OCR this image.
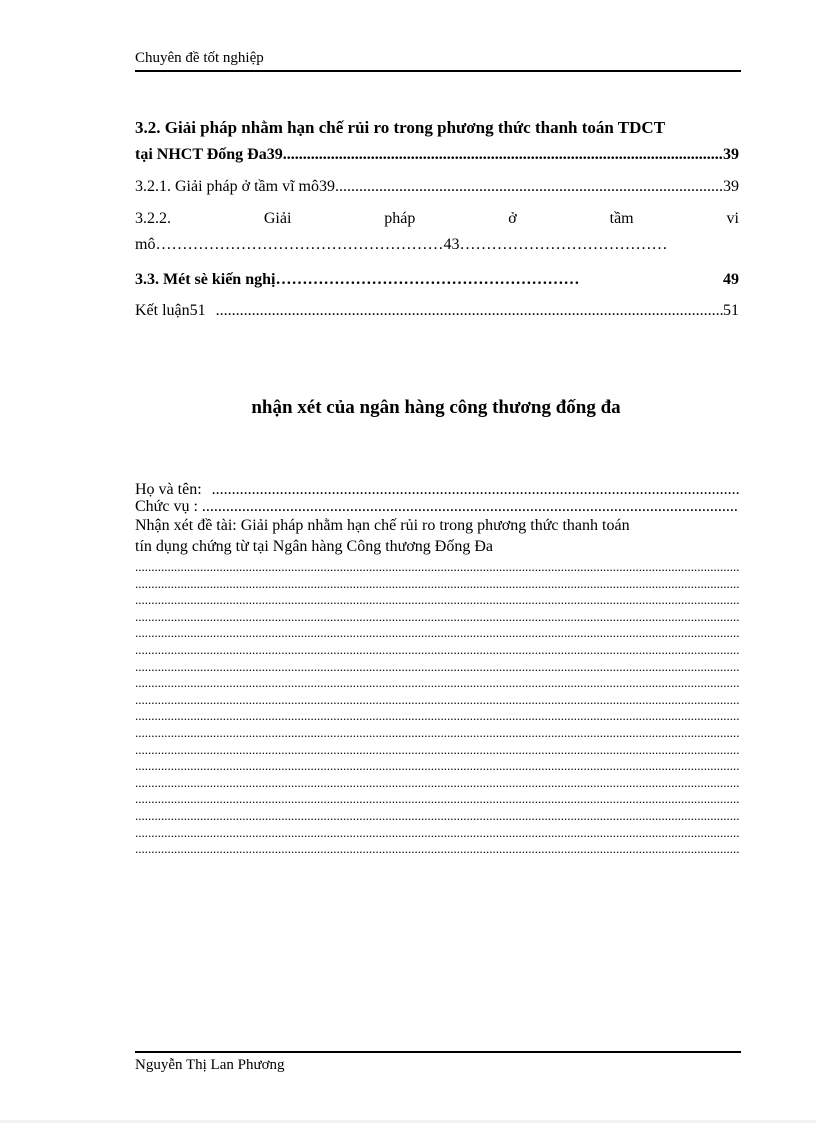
Chuyên đề tốt nghiệp
3.2. Giải pháp nhằm hạn chế rủi ro trong phương thức thanh toán TDCT
tại NHCT Đống Đa39 .....	39
3.2.1. Giải pháp ở tầm vĩ mô39 .....	39
3.2.2.	Giải	pháp	ở	tầm	vi
mô………………………………………………43…………………………………
3.3. Mét sè kiến nghị…………………………………………………	49
Kết luận51 .....	51
nhận xét của ngân hàng công thương đống đa
Họ và tên:
.....
Chức vụ :
.....
Nhận xét đề tài: Giải pháp nhằm hạn chế rủi ro trong phương thức thanh toán
tín dụng chứng từ tại Ngân hàng Công thương Đống Đa
.....
.....
.....
.....
.....
.....
.....
.....
.....
.....
.....
.....
.....
.....
.....
.....
.....
.....
Nguyễn Thị Lan Phương
